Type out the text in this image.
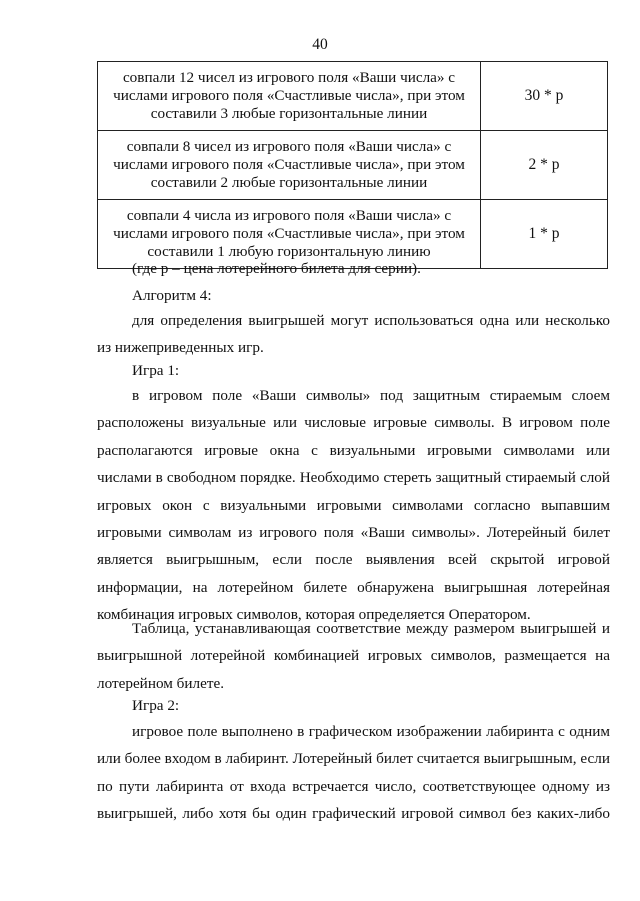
40
совпали 12 чисел из игрового поля «Ваши числа» с
числами игрового поля «Счастливые числа», при этом
составили 3 любые горизонтальные линии	30 * р

совпали 8 чисел из игрового поля «Ваши числа» с
числами игрового поля «Счастливые числа», при этом
составили 2 любые горизонтальные линии	2 * р

совпали 4 числа из игрового поля «Ваши числа» с
числами игрового поля «Счастливые числа», при этом
составили 1 любую горизонтальную линию	1 * р

(где р – цена лотерейного билета для серии).

Алгоритм 4:

для определения выигрышей могут использоваться одна или несколько из нижеприведенных игр.

Игра 1:

в игровом поле «Ваши символы» под защитным стираемым слоем расположены визуальные или числовые игровые символы. В игровом поле располагаются игровые окна с визуальными игровыми символами или числами в свободном порядке. Необходимо стереть защитный стираемый слой игровых окон с визуальными игровыми символами согласно выпавшим игровыми символам из игрового поля «Ваши символы». Лотерейный билет является выигрышным, если после выявления всей скрытой игровой информации, на лотерейном билете обнаружена выигрышная лотерейная комбинация игровых символов, которая определяется Оператором.

Таблица, устанавливающая соответствие между размером выигрышей и выигрышной лотерейной комбинацией игровых символов, размещается на лотерейном билете.

Игра 2:

игровое поле выполнено в графическом изображении лабиринта с одним или более входом в лабиринт. Лотерейный билет считается выигрышным, если по пути лабиринта от входа встречается число, соответствующее одному из выигрышей, либо хотя бы один графический игровой символ без каких-либо
